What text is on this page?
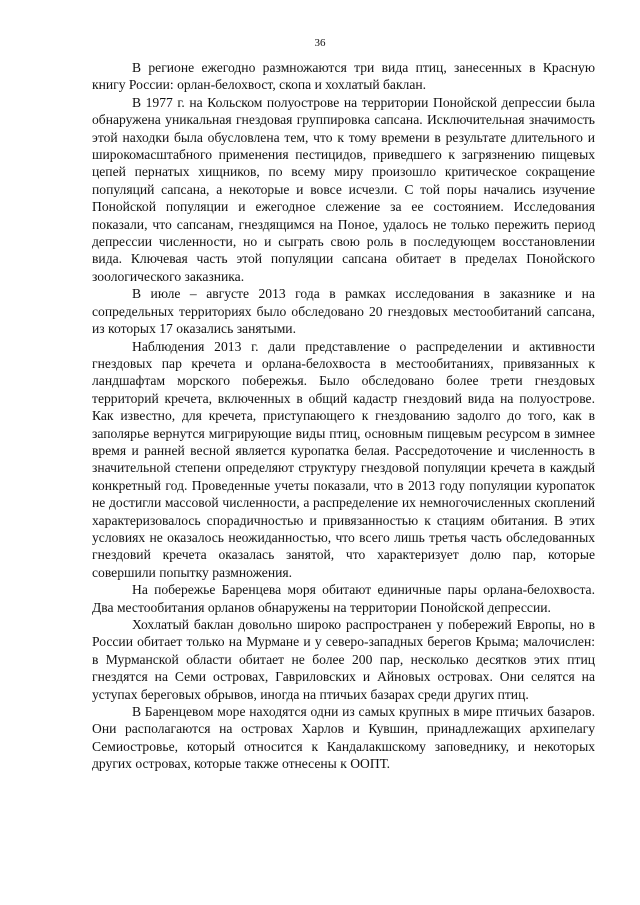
36

В регионе ежегодно размножаются три вида птиц, занесенных в Красную книгу России: орлан-белохвост, скопа и хохлатый баклан.

В 1977 г. на Кольском полуострове на территории Понойской депрессии была обнаружена уникальная гнездовая группировка сапсана. Исключительная значимость этой находки была обусловлена тем, что к тому времени в результате длительного и широкомасштабного применения пестицидов, приведшего к загрязнению пищевых цепей пернатых хищников, по всему миру произошло критическое сокращение популяций сапсана, а некоторые и вовсе исчезли. С той поры начались изучение Понойской популяции и ежегодное слежение за ее состоянием. Исследования показали, что сапсанам, гнездящимся на Поное, удалось не только пережить период депрессии численности, но и сыграть свою роль в последующем восстановлении вида. Ключевая часть этой популяции сапсана обитает в пределах Понойского зоологического заказника.

В июле – августе 2013 года в рамках исследования в заказнике и на сопредельных территориях было обследовано 20 гнездовых местообитаний сапсана, из которых 17 оказались занятыми.

Наблюдения 2013 г. дали представление о распределении и активности гнездовых пар кречета и орлана-белохвоста в местообитаниях, привязанных к ландшафтам морского побережья. Было обследовано более трети гнездовых территорий кречета, включенных в общий кадастр гнездовий вида на полуострове. Как известно, для кречета, приступающего к гнездованию задолго до того, как в заполярье вернутся мигрирующие виды птиц, основным пищевым ресурсом в зимнее время и ранней весной является куропатка белая. Рассредоточение и численность в значительной степени определяют структуру гнездовой популяции кречета в каждый конкретный год. Проведенные учеты показали, что в 2013 году популяции куропаток не достигли массовой численности, а распределение их немногочисленных скоплений характеризовалось спорадичностью и привязанностью к стациям обитания. В этих условиях не оказалось неожиданностью, что всего лишь третья часть обследованных гнездовий кречета оказалась занятой, что характеризует долю пар, которые совершили попытку размножения.

На побережье Баренцева моря обитают единичные пары орлана-белохвоста. Два местообитания орланов обнаружены на территории Понойской депрессии.

Хохлатый баклан довольно широко распространен у побережий Европы, но в России обитает только на Мурмане и у северо-западных берегов Крыма; малочислен: в Мурманской области обитает не более 200 пар, несколько десятков этих птиц гнездятся на Семи островах, Гавриловских и Айновых островах. Они селятся на уступах береговых обрывов, иногда на птичьих базарах среди других птиц.

В Баренцевом море находятся одни из самых крупных в мире птичьих базаров. Они располагаются на островах Харлов и Кувшин, принадлежащих архипелагу Семиостровье, который относится к Кандалакшскому заповеднику, и некоторых других островах, которые также отнесены к ООПТ.
